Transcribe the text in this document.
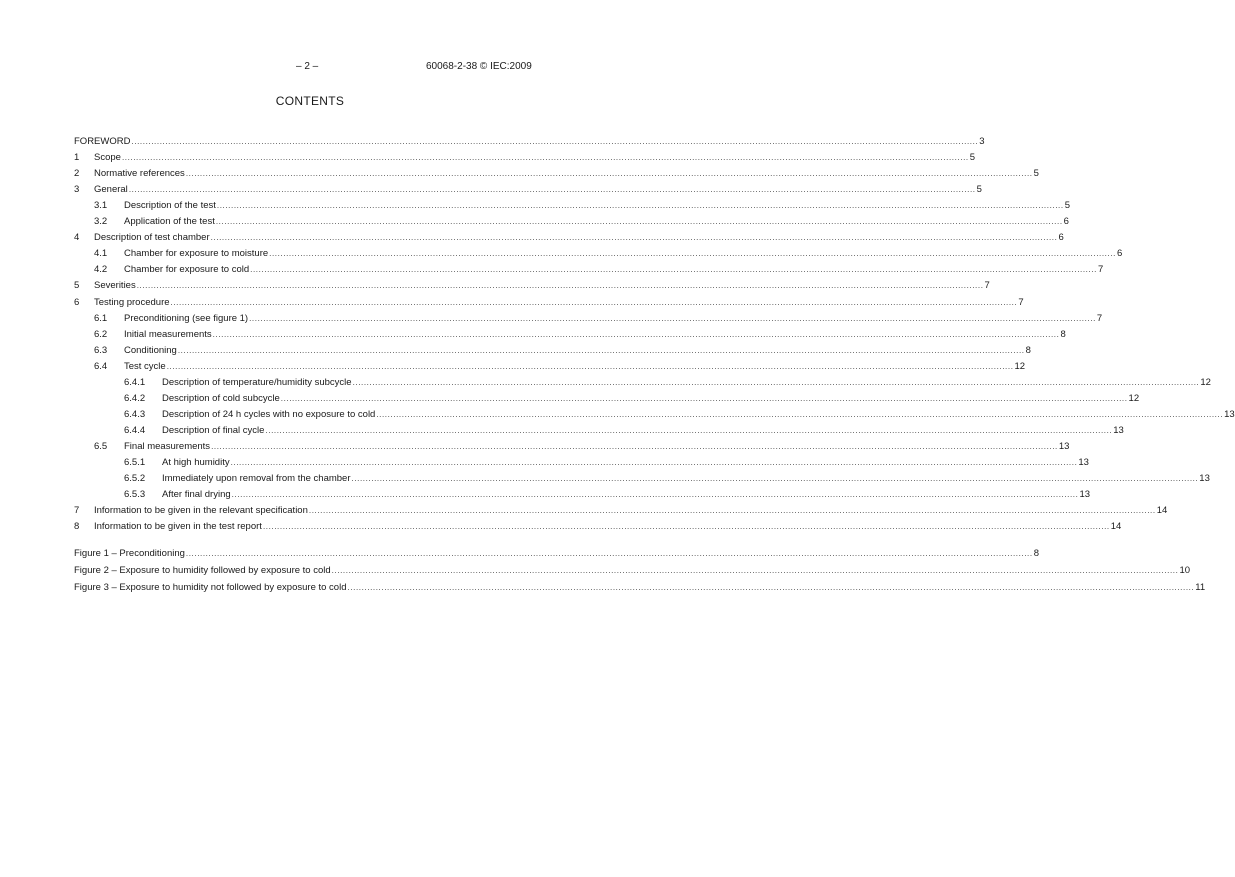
– 2 –	60068-2-38 © IEC:2009
CONTENTS
FOREWORD ............................................................................................................................................................................................................................................................................................................ 3
1 Scope ............................................................................................................................................................................................................................................................................................................ 5
2 Normative references ............................................................................................................................................................................................................................................................................................................ 5
3 General ............................................................................................................................................................................................................................................................................................................ 5
3.1 Description of the test ............................................................................................................................................................................................................................................................................................................ 5
3.2 Application of the test ............................................................................................................................................................................................................................................................................................................ 6
4 Description of test chamber ............................................................................................................................................................................................................................................................................................................ 6
4.1 Chamber for exposure to moisture ............................................................................................................................................................................................................................................................................................................ 6
4.2 Chamber for exposure to cold ............................................................................................................................................................................................................................................................................................................ 7
5 Severities ............................................................................................................................................................................................................................................................................................................ 7
6 Testing procedure ............................................................................................................................................................................................................................................................................................................ 7
6.1 Preconditioning (see figure 1) ............................................................................................................................................................................................................................................................................................................ 7
6.2 Initial measurements ............................................................................................................................................................................................................................................................................................................ 8
6.3 Conditioning ............................................................................................................................................................................................................................................................................................................ 8
6.4 Test cycle ............................................................................................................................................................................................................................................................................................................ 12
6.4.1 Description of temperature/humidity subcycle ............................................................................................................................................................................................................................................................................................................ 12
6.4.2 Description of cold subcycle ............................................................................................................................................................................................................................................................................................................ 12
6.4.3 Description of 24 h cycles with no exposure to cold ............................................................................................................................................................................................................................................................................................................ 13
6.4.4 Description of final cycle ............................................................................................................................................................................................................................................................................................................ 13
6.5 Final measurements ............................................................................................................................................................................................................................................................................................................ 13
6.5.1 At high humidity ............................................................................................................................................................................................................................................................................................................ 13
6.5.2 Immediately upon removal from the chamber ............................................................................................................................................................................................................................................................................................................ 13
6.5.3 After final drying ............................................................................................................................................................................................................................................................................................................ 13
7 Information to be given in the relevant specification ............................................................................................................................................................................................................................................................................................................ 14
8 Information to be given in the test report ............................................................................................................................................................................................................................................................................................................ 14
Figure 1 – Preconditioning ............................................................................................................................................................................................................................................................................................................ 8
Figure 2 – Exposure to humidity followed by exposure to cold ............................................................................................................................................................................................................................................................................................................ 10
Figure 3 – Exposure to humidity not followed by exposure to cold ............................................................................................................................................................................................................................................................................................................ 11
